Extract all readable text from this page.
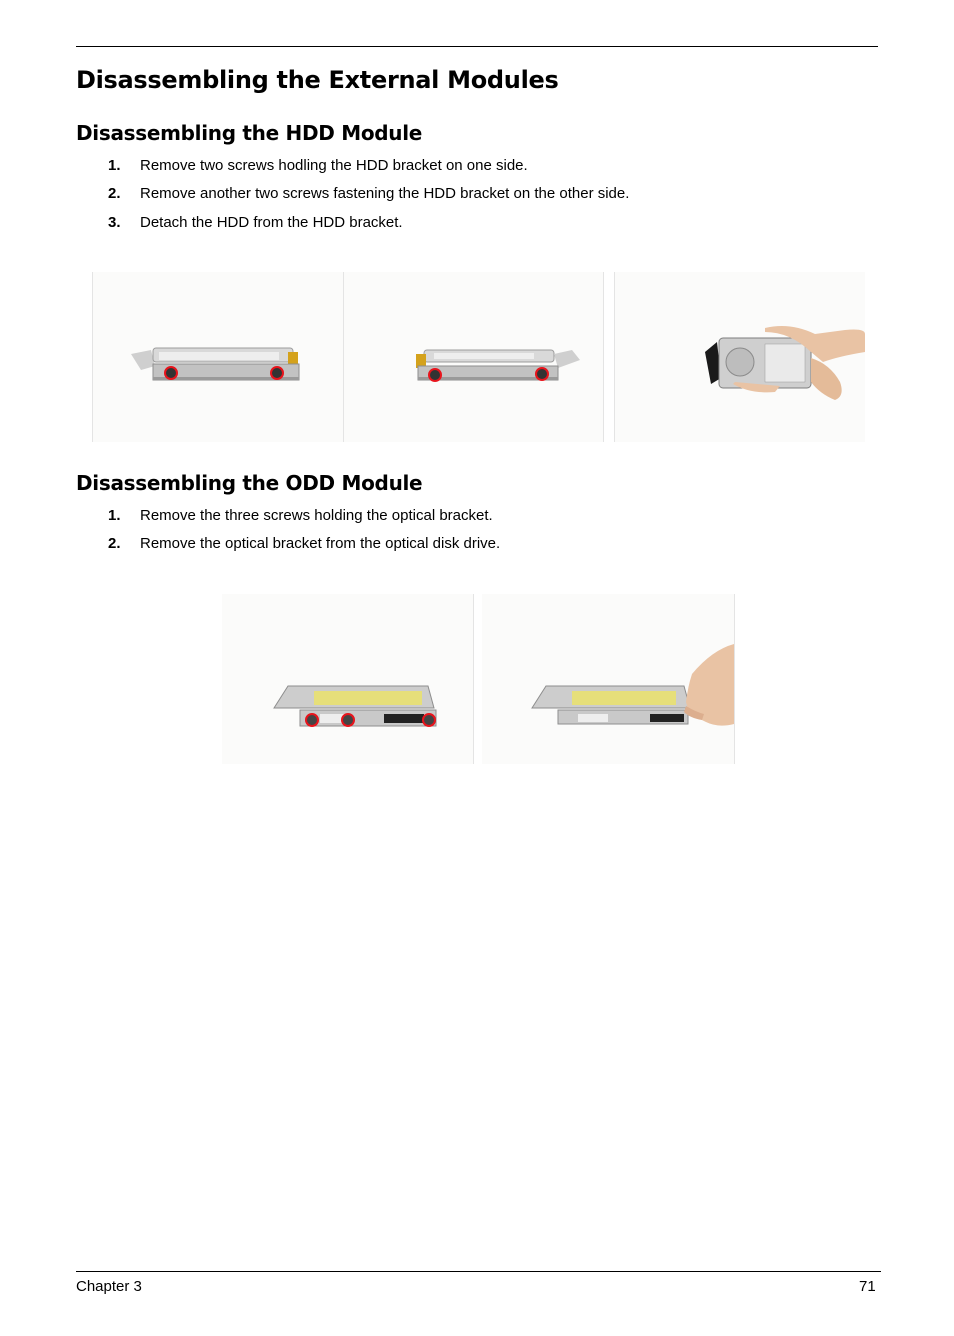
Disassembling the External Modules
Disassembling the HDD Module
1. Remove two screws hodling the HDD bracket on one side.
2. Remove another two screws fastening the HDD bracket on the other side.
3. Detach the HDD from the HDD bracket.
Disassembling the ODD Module
1. Remove the three screws holding the optical bracket.
2. Remove the optical bracket from the optical disk drive.
Chapter 3	71
